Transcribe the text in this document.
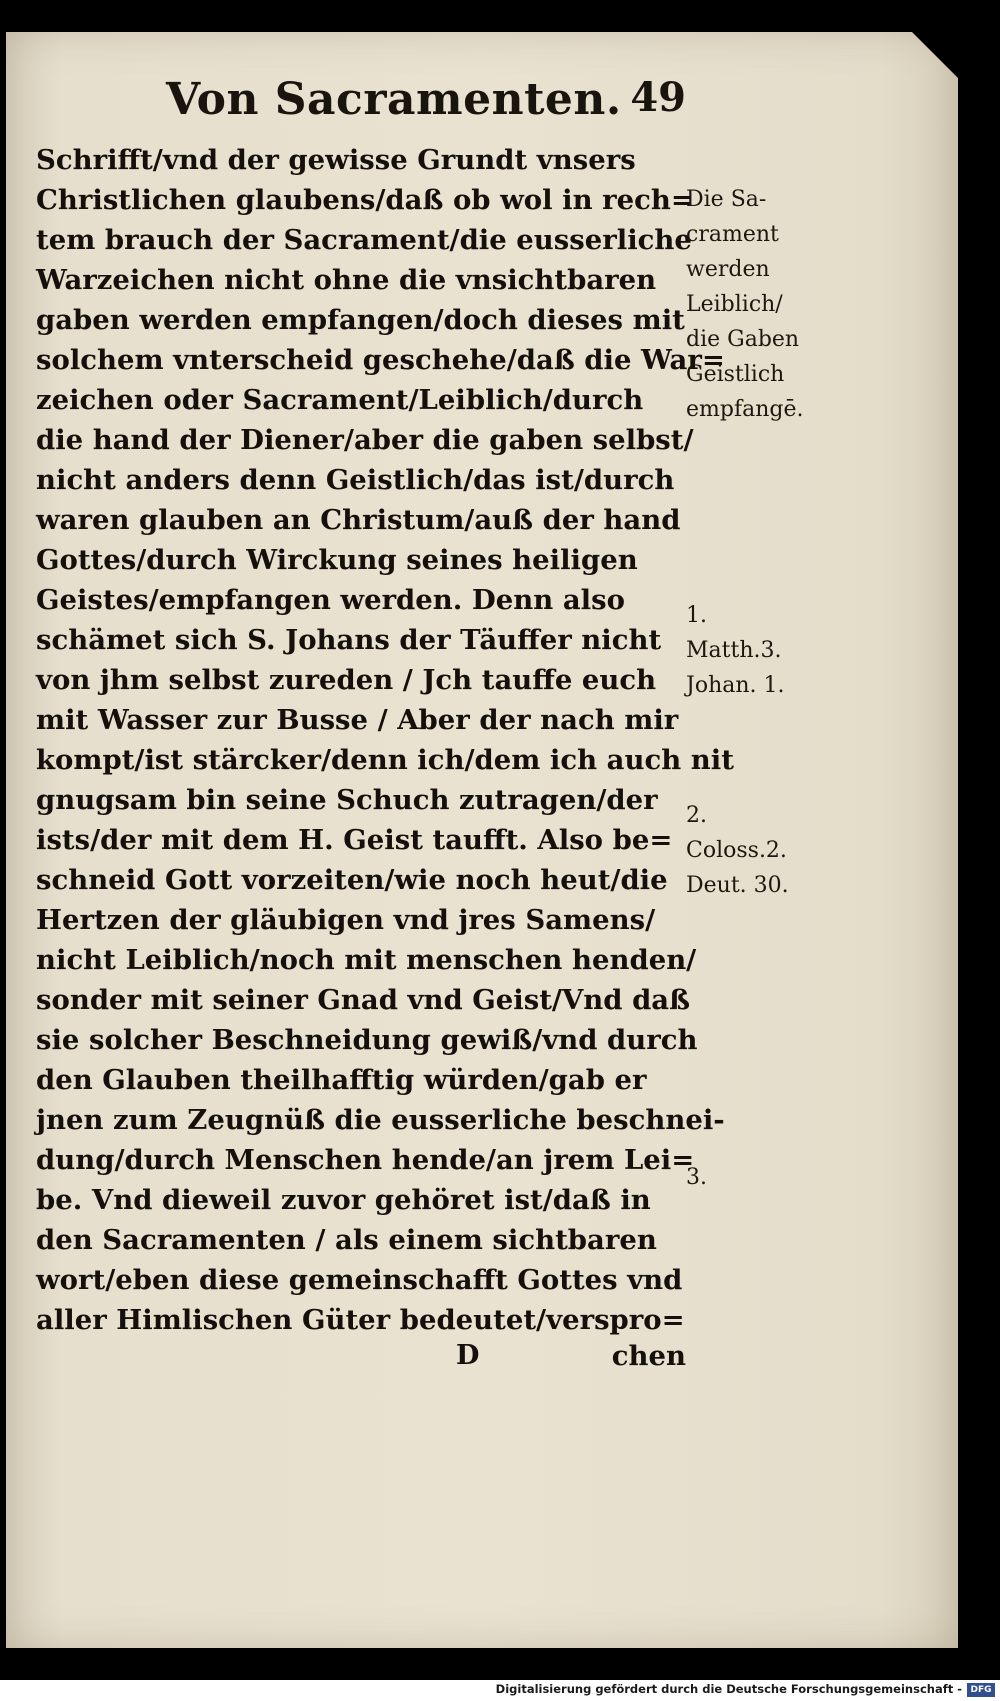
Von Sacramenten. 49
Schrifft/vnd der gewisse Grundt vnsers
Christlichen glaubens/daß ob wol in rech=
tem brauch der Sacrament/die eusserliche
Warzeichen nicht ohne die vnsichtbaren
gaben werden empfangen/doch dieses mit
solchem vnterscheid geschehe/daß die War=
zeichen oder Sacrament/Leiblich/durch
die hand der Diener/aber die gaben selbst/
nicht anders denn Geistlich/das ist/durch
waren glauben an Christum/auß der hand
Gottes/durch Wirckung seines heiligen
Geistes/empfangen werden. Denn also
schämet sich S. Johans der Täuffer nicht
von jhm selbst zureden / Jch tauffe euch
mit Wasser zur Busse / Aber der nach mir
kompt/ist stärcker/denn ich/dem ich auch nit
gnugsam bin seine Schuch zutragen/der
ists/der mit dem H. Geist taufft. Also be=
schneid Gott vorzeiten/wie noch heut/die
Hertzen der gläubigen vnd jres Samens/
nicht Leiblich/noch mit menschen henden/
sonder mit seiner Gnad vnd Geist/Vnd daß
sie solcher Beschneidung gewiß/vnd durch
den Glauben theilhafftig würden/gab er
jnen zum Zeugnüß die eusserliche beschnei-
dung/durch Menschen hende/an jrem Lei=
be. Vnd dieweil zuvor gehöret ist/daß in
den Sacramenten / als einem sichtbaren
wort/eben diese gemeinschafft Gottes vnd
aller Himlischen Güter bedeutet/verspro=
Die Sa-
crament
werden
Leiblich/
die Gaben
Geistlich
empfangē.
1.
Matth.3.
Johan. 1.
2.
Coloss.2.
Deut. 30.
3.
D	chen
Digitalisierung gefördert durch die Deutsche Forschungsgemeinschaft - DFG
